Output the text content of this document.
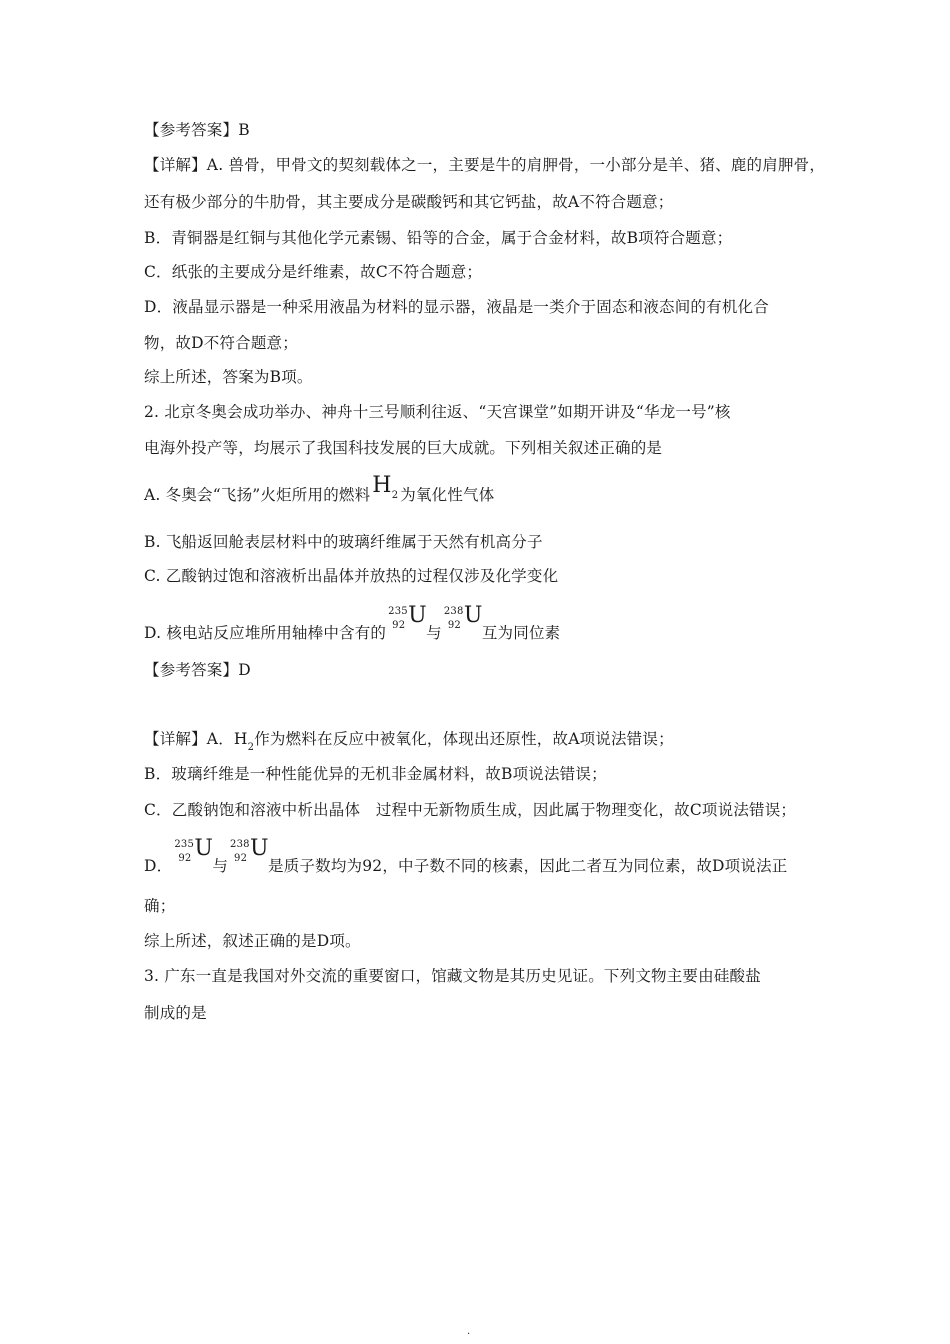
【参考答案】B
【详解】A. 兽骨，甲骨文的契刻载体之一，主要是牛的肩胛骨，一小部分是羊、猪、鹿的肩胛骨，
还有极少部分的牛肋骨，其主要成分是碳酸钙和其它钙盐，故A不符合题意；
B．青铜器是红铜与其他化学元素锡、铅等的合金，属于合金材料，故B项符合题意；
C．纸张的主要成分是纤维素，故C不符合题意；
D．液晶显示器是一种采用液晶为材料的显示器，液晶是一类介于固态和液态间的有机化合
物，故D不符合题意；
综上所述，答案为B项。
2. 北京冬奥会成功举办、神舟十三号顺利往返、“天宫课堂”如期开讲及“华龙一号”核
电海外投产等，均展示了我国科技发展的巨大成就。下列相关叙述正确的是
A. 冬奥会“飞扬”火炬所用的燃料$H_2$ 为氧化性气体
B. 飞船返回舱表层材料中的玻璃纤维属于天然有机高分子
C. 乙酸钠过饱和溶液析出晶体并放热的过程仅涉及化学变化
D. 核电站反应堆所用轴棒中含有的
235
92 U
与
238
92 U
互为同位素
【参考答案】D
【详解】A．$H_2$作为燃料在反应中被氧化，体现出还原性，故A项说法错误；
B．玻璃纤维是一种性能优异的无机非金属材料，故B项说法错误；
C．乙酸钠饱和溶液中析出晶体　过程中无新物质生成，因此属于物理变化，故C项说法错误；
D．
235
92 U
与
238
92 U
是质子数均为92，中子数不同的核素，因此二者互为同位素，故D项说法正
确；
综上所述，叙述正确的是D项。
3. 广东一直是我国对外交流的重要窗口，馆藏文物是其历史见证。下列文物主要由硅酸盐
制成的是
.
